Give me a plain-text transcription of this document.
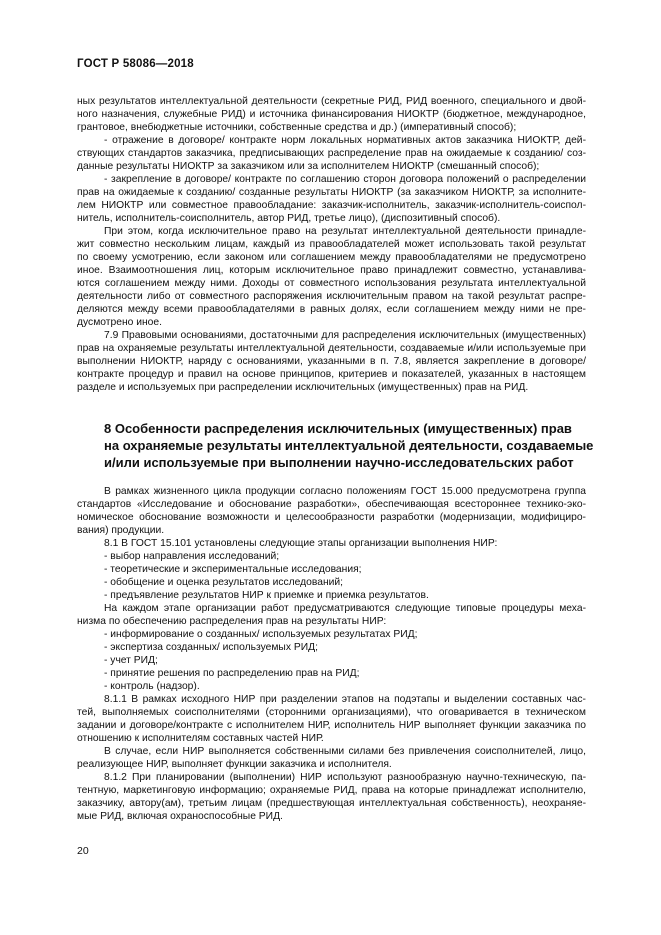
ГОСТ Р 58086—2018
ных результатов интеллектуальной деятельности (секретные РИД, РИД военного, специального и двой-
ного назначения, служебные РИД) и источника финансирования НИОКТР (бюджетное, международное,
грантовое, внебюджетные источники, собственные средства и др.) (императивный способ);
- отражение в договоре/ контракте норм локальных нормативных актов заказчика НИОКТР, дей-
ствующих стандартов заказчика, предписывающих распределение прав на ожидаемые к созданию/ соз-
данные результаты НИОКТР за заказчиком или за исполнителем НИОКТР (смешанный способ);
- закрепление в договоре/ контракте по соглашению сторон договора положений о распределении
прав на ожидаемые к созданию/ созданные результаты НИОКТР (за заказчиком НИОКТР, за исполните-
лем НИОКТР или совместное правообладание: заказчик-исполнитель, заказчик-исполнитель-соиспол-
нитель, исполнитель-соисполнитель, автор РИД, третье лицо), (диспозитивный способ).
При этом, когда исключительное право на результат интеллектуальной деятельности принадле-
жит совместно нескольким лицам, каждый из правообладателей может использовать такой результат
по своему усмотрению, если законом или соглашением между правообладателями не предусмотрено
иное. Взаимоотношения лиц, которым исключительное право принадлежит совместно, устанавлива-
ются соглашением между ними. Доходы от совместного использования результата интеллектуальной
деятельности либо от совместного распоряжения исключительным правом на такой результат распре-
деляются между всеми правообладателями в равных долях, если соглашением между ними не пре-
дусмотрено иное.
7.9 Правовыми основаниями, достаточными для распределения исключительных (имущественных)
прав на охраняемые результаты интеллектуальной деятельности, создаваемые и/или используемые при
выполнении НИОКТР, наряду с основаниями, указанными в п. 7.8, является закрепление в договоре/
контракте процедур и правил на основе принципов, критериев и показателей, указанных в настоящем
разделе и используемых при распределении исключительных (имущественных) прав на РИД.
8 Особенности распределения исключительных (имущественных) прав
на охраняемые результаты интеллектуальной деятельности, создаваемые
и/или используемые при выполнении научно-исследовательских работ
В рамках жизненного цикла продукции согласно положениям ГОСТ 15.000 предусмотрена группа
стандартов «Исследование и обоснование разработки», обеспечивающая всестороннее технико-эко-
номическое обоснование возможности и целесообразности разработки (модернизации, модифициро-
вания) продукции.
8.1 В ГОСТ 15.101 установлены следующие этапы организации выполнения НИР:
- выбор направления исследований;
- теоретические и экспериментальные исследования;
- обобщение и оценка результатов исследований;
- предъявление результатов НИР к приемке и приемка результатов.
На каждом этапе организации работ предусматриваются следующие типовые процедуры меха-
низма по обеспечению распределения прав на результаты НИР:
- информирование о созданных/ используемых результатах РИД;
- экспертиза созданных/ используемых РИД;
- учет РИД;
- принятие решения по распределению прав на РИД;
- контроль (надзор).
8.1.1 В рамках исходного НИР при разделении этапов на подэтапы и выделении составных час-
тей, выполняемых соисполнителями (сторонними организациями), что оговаривается в техническом
задании и договоре/контракте с исполнителем НИР, исполнитель НИР выполняет функции заказчика по
отношению к исполнителям составных частей НИР.
В случае, если НИР выполняется собственными силами без привлечения соисполнителей, лицо,
реализующее НИР, выполняет функции заказчика и исполнителя.
8.1.2 При планировании (выполнении) НИР используют разнообразную научно-техническую, па-
тентную, маркетинговую информацию; охраняемые РИД, права на которые принадлежат исполнителю,
заказчику, автору(ам), третьим лицам (предшествующая интеллектуальная собственность), неохраняе-
мые РИД, включая охраноспособные РИД.
20
